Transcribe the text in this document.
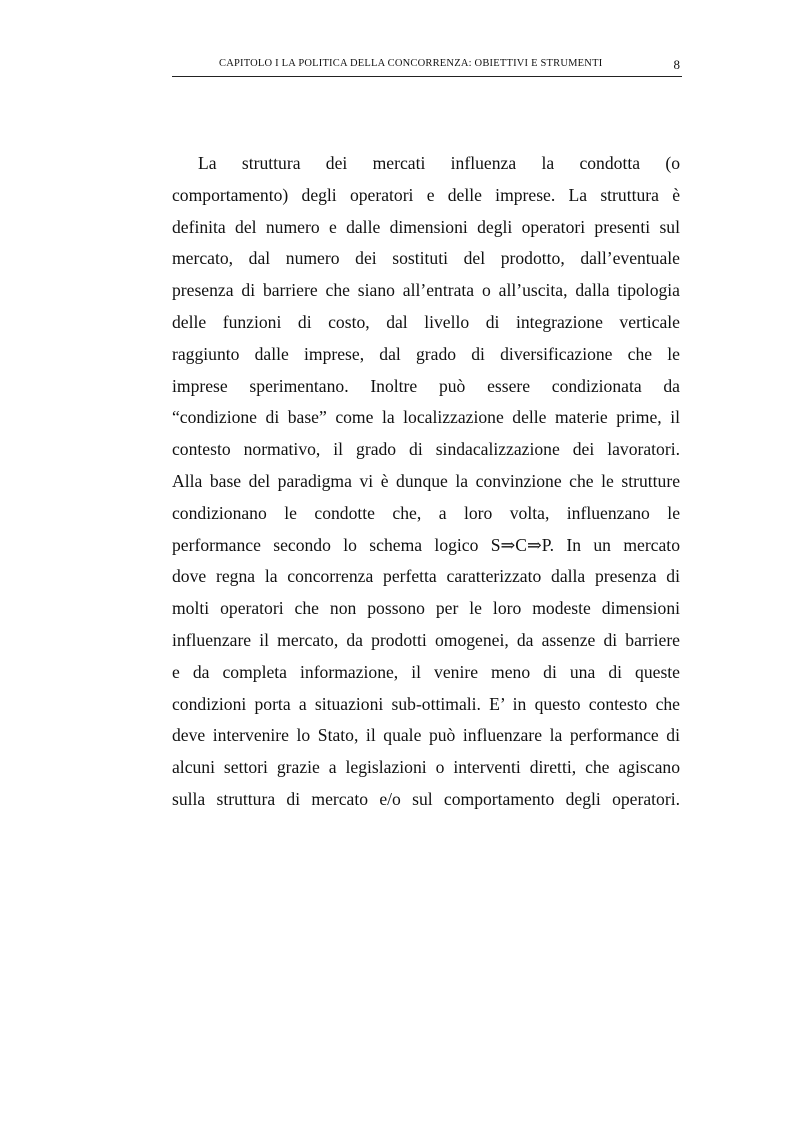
CAPITOLO I LA POLITICA DELLA CONCORRENZA: OBIETTIVI E STRUMENTI	8
La struttura dei mercati influenza la condotta (o
comportamento) degli operatori e delle imprese. La struttura è
definita del numero e dalle dimensioni degli operatori presenti sul
mercato, dal numero dei sostituti del prodotto, dall’eventuale
presenza di barriere che siano all’entrata o all’uscita, dalla tipologia
delle funzioni di costo, dal livello di integrazione verticale
raggiunto dalle imprese, dal grado di diversificazione che le
imprese sperimentano. Inoltre può essere condizionata da
“condizione di base” come la localizzazione delle materie prime, il
contesto normativo, il grado di sindacalizzazione dei lavoratori.
Alla base del paradigma vi è dunque la convinzione che le strutture
condizionano le condotte che, a loro volta, influenzano le
performance secondo lo schema logico S⇒C⇒P. In un mercato
dove regna la concorrenza perfetta caratterizzato dalla presenza di
molti operatori che non possono per le loro modeste dimensioni
influenzare il mercato, da prodotti omogenei, da assenze di barriere
e da completa informazione, il venire meno di una di queste
condizioni porta a situazioni sub-ottimali. E’ in questo contesto che
deve intervenire lo Stato, il quale può influenzare la performance di
alcuni settori grazie a legislazioni o interventi diretti, che agiscano
sulla struttura di mercato e/o sul comportamento degli operatori.
